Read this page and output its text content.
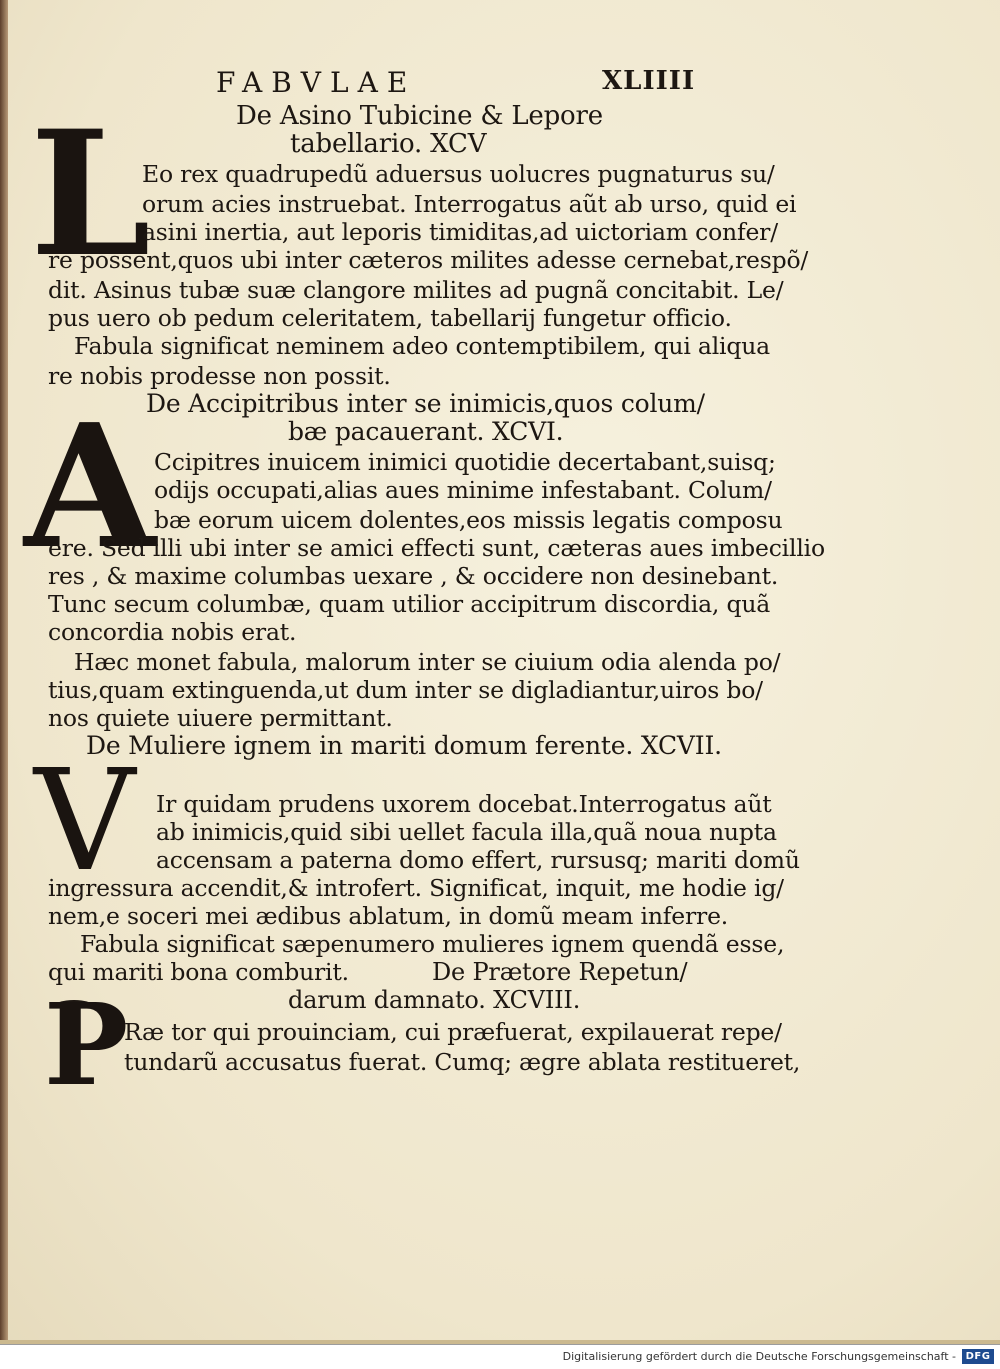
FABVLAE	XLIIII
De Asino Tubicine & Lepore
tabellario. XCV
L
Eo rex quadrupedũ aduersus uolucres pugnaturus su/
orum acies instruebat. Interrogatus aũt ab urso, quid ei
asini inertia, aut leporis timiditas,ad uictoriam confer/
re possent,quos ubi inter cæteros milites adesse cernebat,respõ/
dit. Asinus tubæ suæ clangore milites ad pugnã concitabit. Le/
pus uero ob pedum celeritatem, tabellarij fungetur officio.
Fabula significat neminem adeo contemptibilem, qui aliqua
re nobis prodesse non possit.
De Accipitribus inter se inimicis,quos colum/
bæ pacauerant. XCVI.
A
Ccipitres inuicem inimici quotidie decertabant,suisq;
odijs occupati,alias aues minime infestabant. Colum/
bæ eorum uicem dolentes,eos missis legatis composu
ere. Sed illi ubi inter se amici effecti sunt, cæteras aues imbecillio
res , & maxime columbas uexare , & occidere non desinebant.
Tunc secum columbæ, quam utilior accipitrum discordia, quã
concordia nobis erat.
Hæc monet fabula, malorum inter se ciuium odia alenda po/
tius,quam extinguenda,ut dum inter se digladiantur,uiros bo/
nos quiete uiuere permittant.
De Muliere ignem in mariti domum ferente. XCVII.
V Ir quidam prudens uxorem docebat.Interrogatus aũt
ab inimicis,quid sibi uellet facula illa,quã noua nupta
accensam a paterna domo effert, rursusq; mariti domũ
ingressura accendit,& introfert. Significat, inquit, me hodie ig/
nem,e soceri mei ædibus ablatum, in domũ meam inferre.
Fabula significat sæpenumero mulieres ignem quendã esse,
qui mariti bona comburit.	De Prætore Repetun/
darum damnato. XCVIII.
P
Ræ tor qui prouinciam, cui præfuerat, expilauerat repe/
tundarũ accusatus fuerat. Cumq; ægre ablata restitueret,
Digitalisierung gefördert durch die Deutsche Forschungsgemeinschaft - DFG
